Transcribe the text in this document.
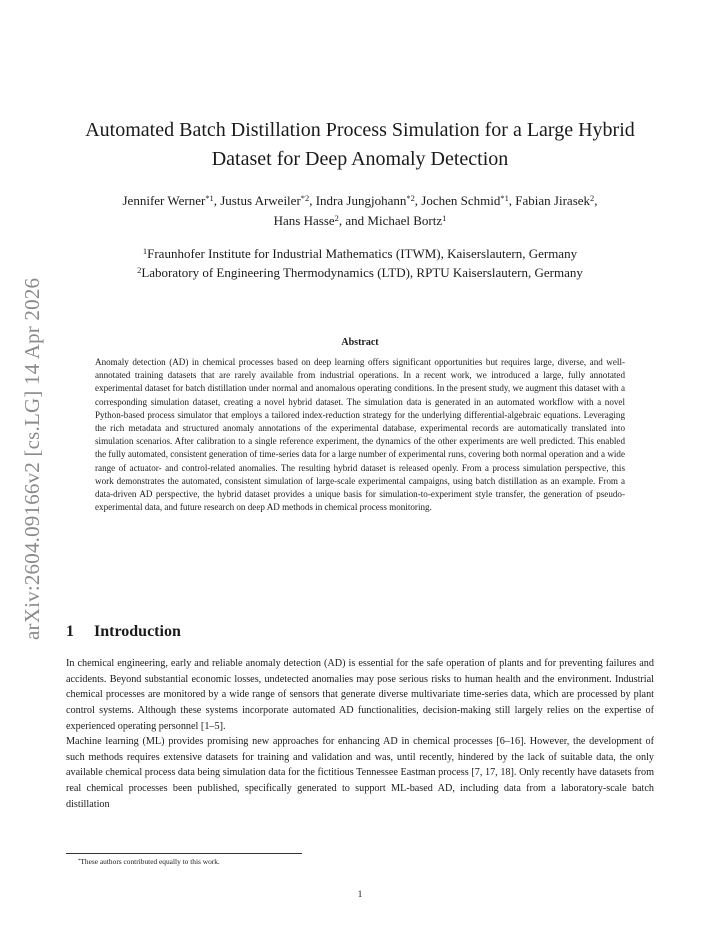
arXiv:2604.09166v2 [cs.LG] 14 Apr 2026
Automated Batch Distillation Process Simulation for a Large Hybrid
Dataset for Deep Anomaly Detection
Jennifer Werner$^{*1}$, Justus Arweiler$^{*2}$, Indra Jungjohann$^{*2}$, Jochen Schmid$^{*1}$, Fabian Jirasek$^2$,
Hans Hasse$^2$, and Michael Bortz$^1$
$^1$Fraunhofer Institute for Industrial Mathematics (ITWM), Kaiserslautern, Germany
$^2$Laboratory of Engineering Thermodynamics (LTD), RPTU Kaiserslautern, Germany
Abstract

Anomaly detection (AD) in chemical processes based on deep learning offers significant opportunities but requires large, diverse, and well-annotated training datasets that are rarely available from industrial operations. In a recent work, we introduced a large, fully annotated experimental dataset for batch distillation under normal and anomalous operating conditions. In the present study, we augment this dataset with a corresponding simulation dataset, creating a novel hybrid dataset. The simulation data is generated in an automated workflow with a novel Python-based process simulator that employs a tailored index-reduction strategy for the underlying differential-algebraic equations. Leveraging the rich metadata and structured anomaly annotations of the experimental database, experimental records are automatically translated into simulation scenarios. After calibration to a single reference experiment, the dynamics of the other experiments are well predicted. This enabled the fully automated, consistent generation of time-series data for a large number of experimental runs, covering both normal operation and a wide range of actuator- and control-related anomalies. The resulting hybrid dataset is released openly. From a process simulation perspective, this work demonstrates the automated, consistent simulation of large-scale experimental campaigns, using batch distillation as an example. From a data-driven AD perspective, the hybrid dataset provides a unique basis for simulation-to-experiment style transfer, the generation of pseudo-experimental data, and future research on deep AD methods in chemical process monitoring.

1 Introduction

In chemical engineering, early and reliable anomaly detection (AD) is essential for the safe operation of plants and for preventing failures and accidents. Beyond substantial economic losses, undetected anomalies may pose serious risks to human health and the environment. Industrial chemical processes are monitored by a wide range of sensors that generate diverse multivariate time-series data, which are processed by plant control systems. Although these systems incorporate automated AD functionalities, decision-making still largely relies on the expertise of experienced operating personnel [1–5].

Machine learning (ML) provides promising new approaches for enhancing AD in chemical processes [6–16]. However, the development of such methods requires extensive datasets for training and validation and was, until recently, hindered by the lack of suitable data, the only available chemical process data being simulation data for the fictitious Tennessee Eastman process [7, 17, 18]. Only recently have datasets from real chemical processes been published, specifically generated to support ML-based AD, including data from a laboratory-scale batch distillation

*These authors contributed equally to this work.
1
